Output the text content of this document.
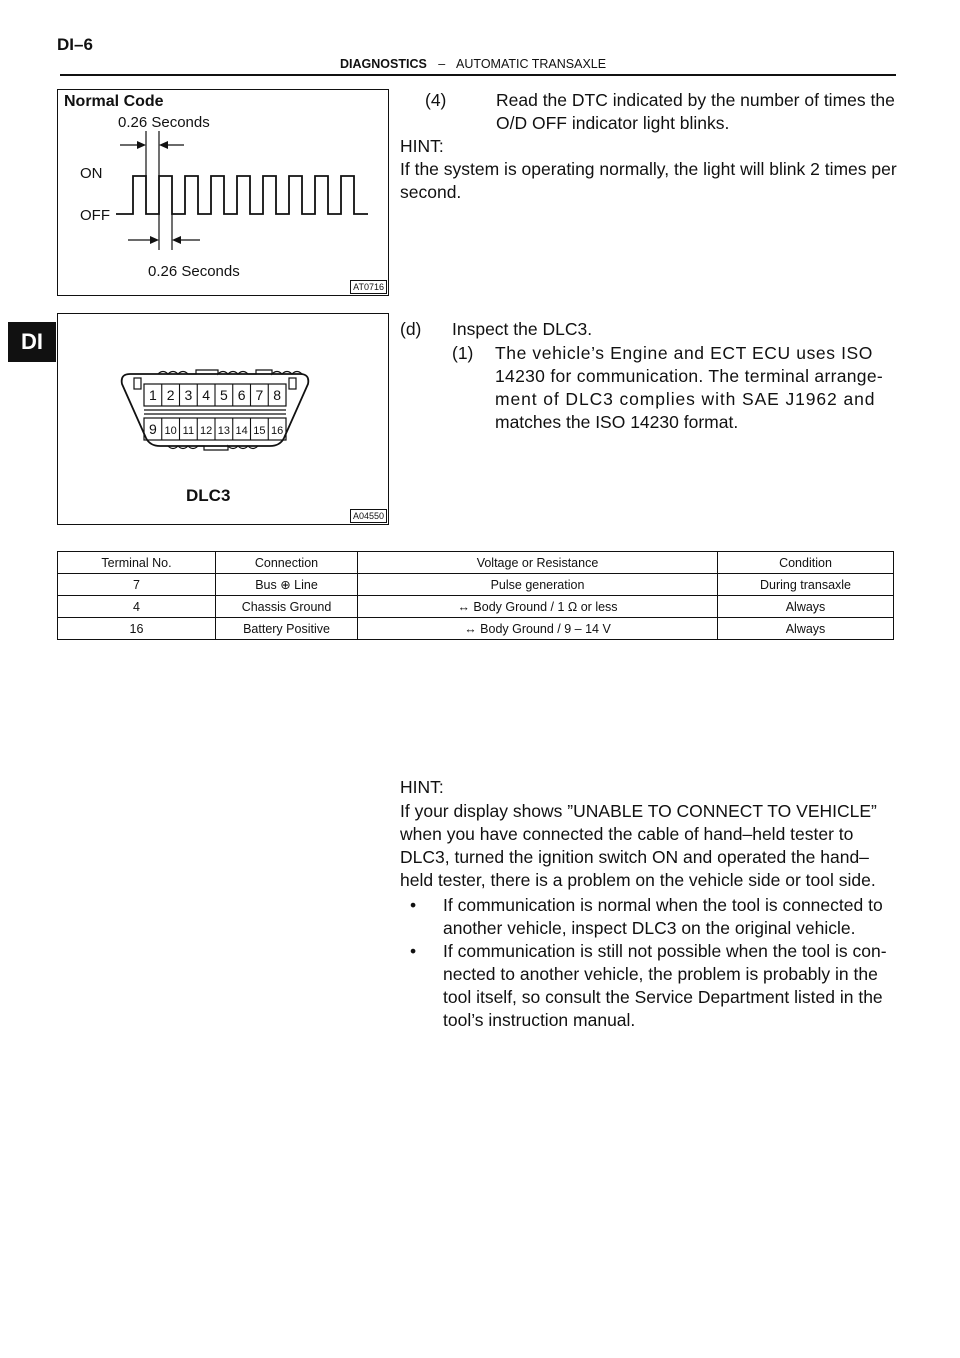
DI–6
DIAGNOSTICS – AUTOMATIC TRANSAXLE
DI
Normal Code
0.26 Seconds
ON
OFF
0.26 Seconds
AT0716
(4)	Read the DTC indicated by the number of times the
O/D OFF indicator light blinks.
HINT:
If the system is operating normally, the light will blink 2 times per
second.
1 2 3 4 5 6 7 8
9 10 11 12 13 14 15 16
DLC3
A04550
(d) Inspect the DLC3.
(1) The vehicle’s Engine and ECT ECU uses ISO
14230 for communication. The terminal arrange-
ment of DLC3 complies with SAE J1962 and
matches the ISO 14230 format.
Terminal No.	Connection	Voltage or Resistance	Condition
7	Bus ⊕ Line	Pulse generation	During transaxle
4	Chassis Ground	↔ Body Ground / 1 Ω or less	Always
16	Battery Positive	↔ Body Ground / 9 – 14 V	Always
HINT:
If your display shows ”UNABLE TO CONNECT TO VEHICLE”
when you have connected the cable of hand–held tester to
DLC3, turned the ignition switch ON and operated the hand–
held tester, there is a problem on the vehicle side or tool side.
• If communication is normal when the tool is connected to
another vehicle, inspect DLC3 on the original vehicle.
• If communication is still not possible when the tool is con-
nected to another vehicle, the problem is probably in the
tool itself, so consult the Service Department listed in the
tool’s instruction manual.
